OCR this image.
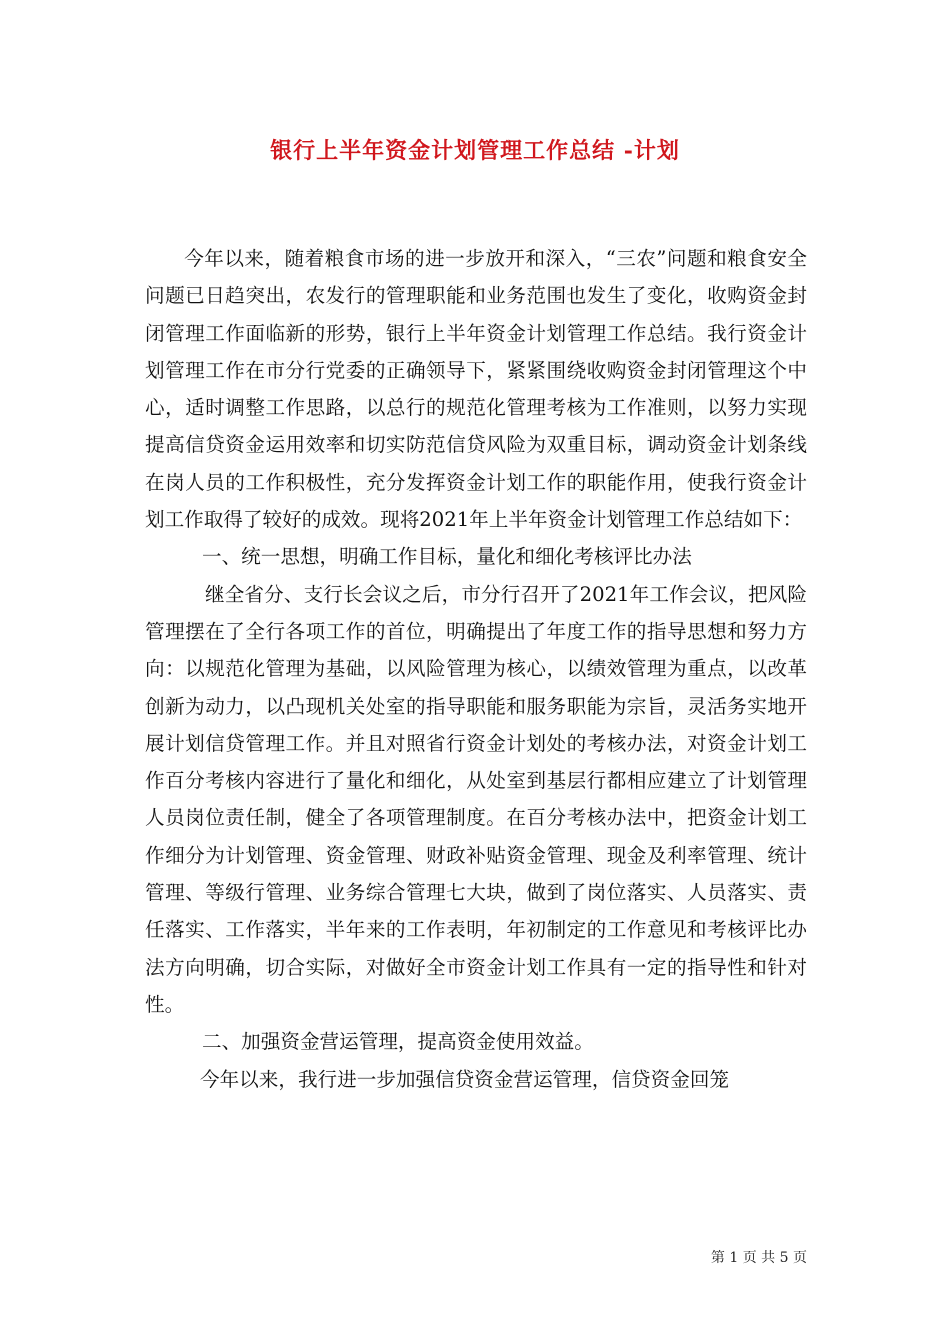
银行上半年资金计划管理工作总结 -计划

今年以来，随着粮食市场的进一步放开和深入，“三农”问题和粮食安全问题已日趋突出，农发行的管理职能和业务范围也发生了变化，收购资金封闭管理工作面临新的形势，银行上半年资金计划管理工作总结。我行资金计划管理工作在市分行党委的正确领导下，紧紧围绕收购资金封闭管理这个中心，适时调整工作思路，以总行的规范化管理考核为工作准则，以努力实现提高信贷资金运用效率和切实防范信贷风险为双重目标，调动资金计划条线在岗人员的工作积极性，充分发挥资金计划工作的职能作用，使我行资金计划工作取得了较好的成效。现将2021年上半年资金计划管理工作总结如下：

一、统一思想，明确工作目标，量化和细化考核评比办法

继全省分、支行长会议之后，市分行召开了2021年工作会议，把风险管理摆在了全行各项工作的首位，明确提出了年度工作的指导思想和努力方向：以规范化管理为基础，以风险管理为核心，以绩效管理为重点，以改革创新为动力，以凸现机关处室的指导职能和服务职能为宗旨，灵活务实地开展计划信贷管理工作。并且对照省行资金计划处的考核办法，对资金计划工作百分考核内容进行了量化和细化，从处室到基层行都相应建立了计划管理人员岗位责任制，健全了各项管理制度。在百分考核办法中，把资金计划工作细分为计划管理、资金管理、财政补贴资金管理、现金及利率管理、统计管理、等级行管理、业务综合管理七大块，做到了岗位落实、人员落实、责任落实、工作落实，半年来的工作表明，年初制定的工作意见和考核评比办法方向明确，切合实际，对做好全市资金计划工作具有一定的指导性和针对性。

二、加强资金营运管理，提高资金使用效益。

今年以来，我行进一步加强信贷资金营运管理，信贷资金回笼

第 1 页 共 5 页
